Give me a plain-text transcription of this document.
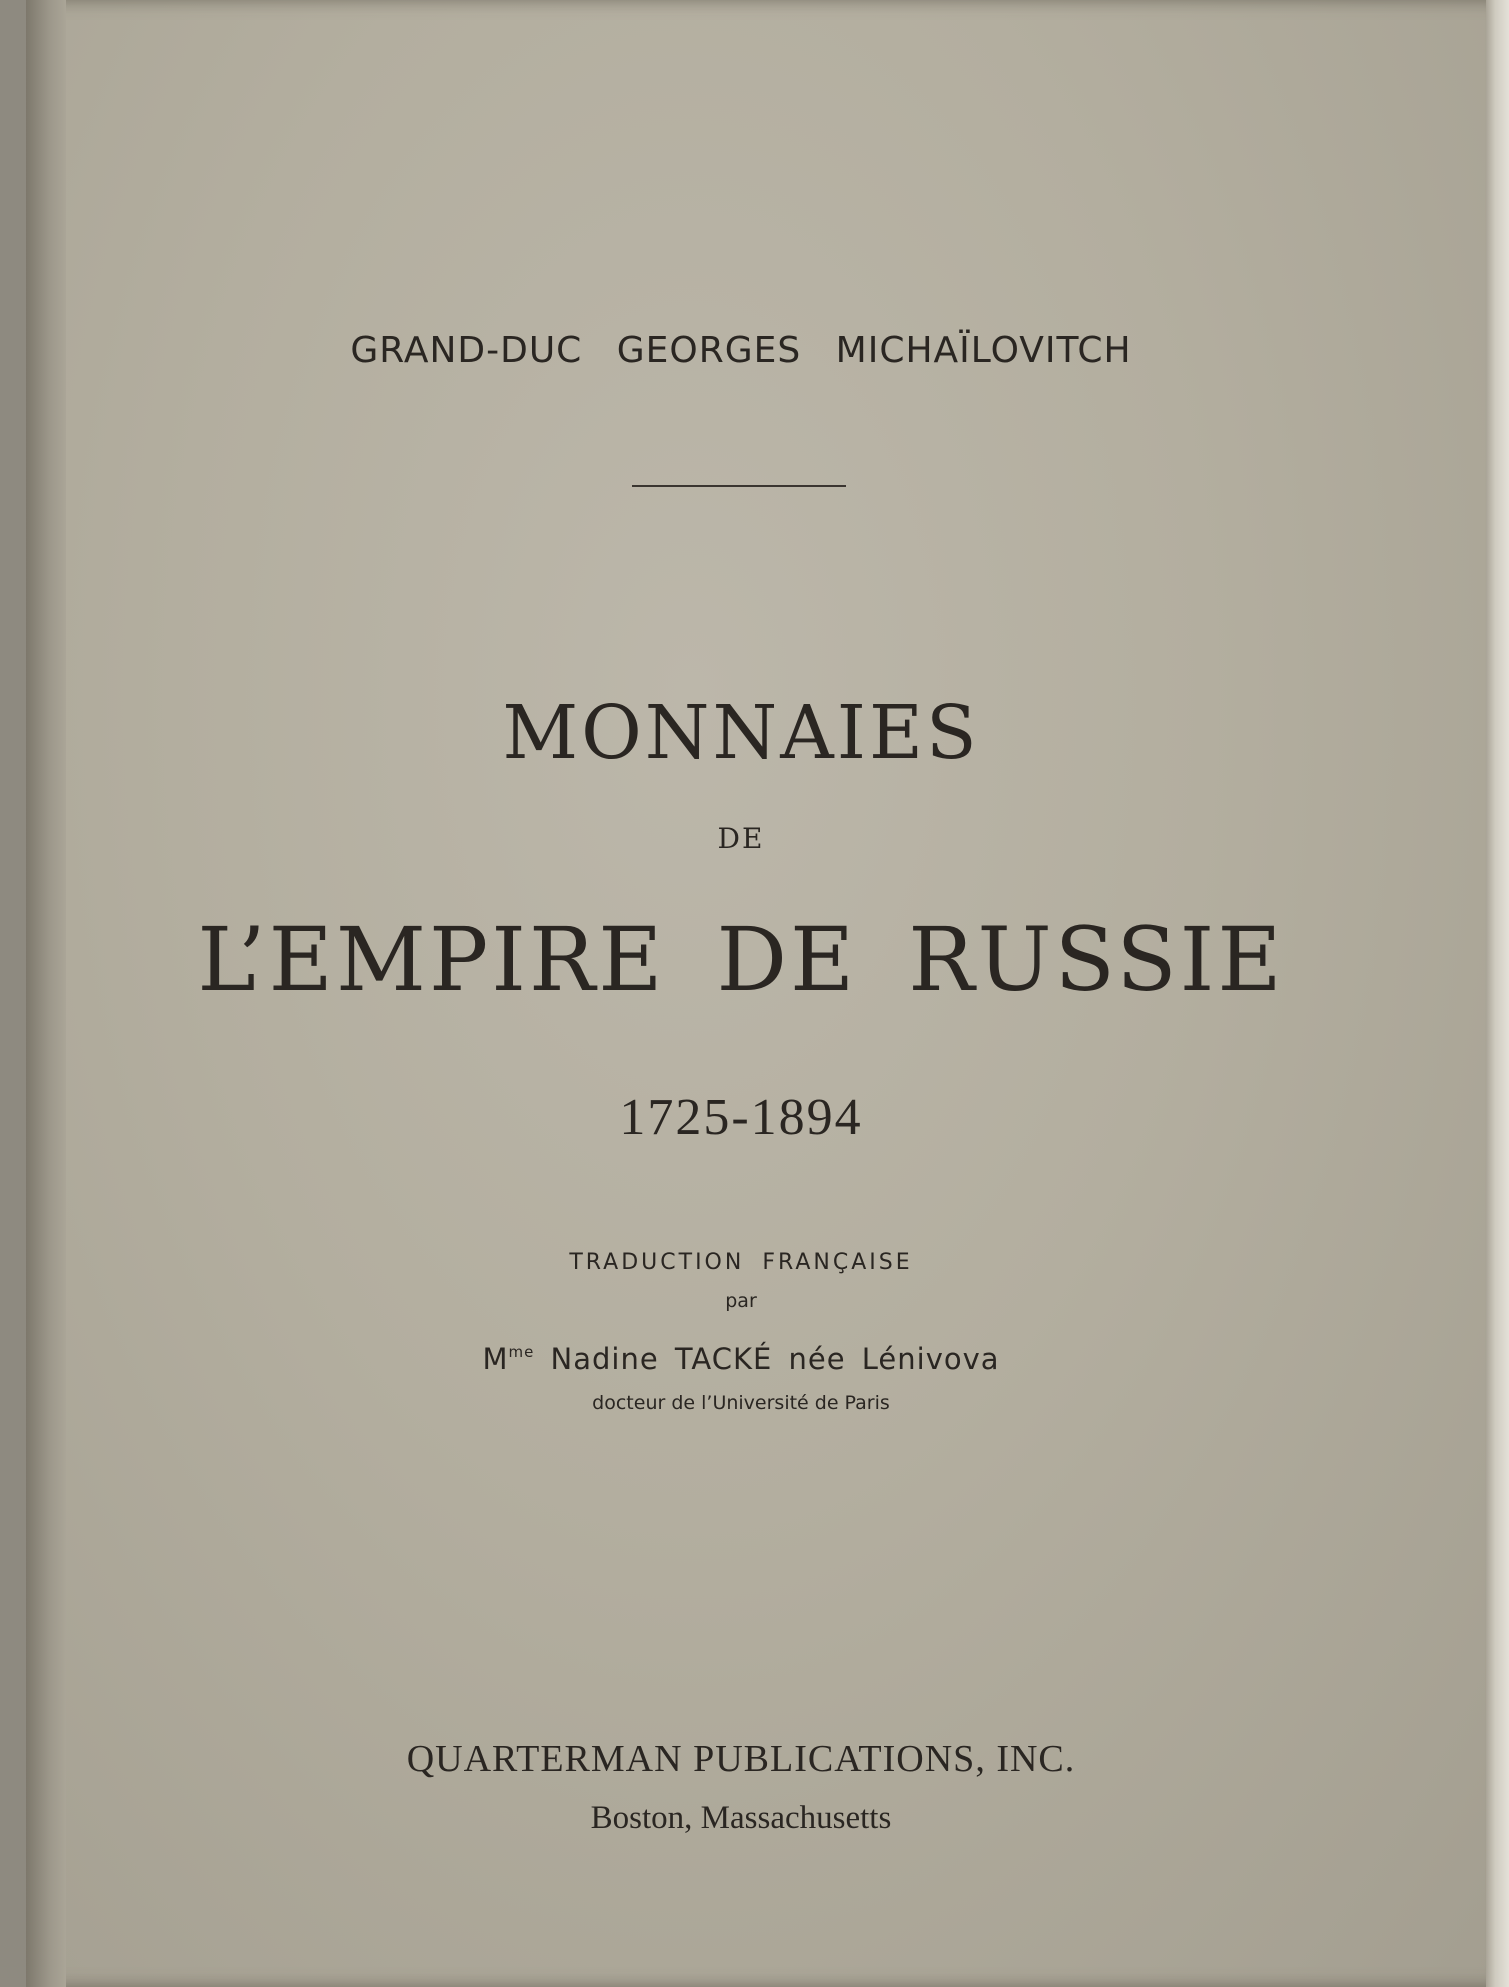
GRAND-DUC GEORGES MICHAÏLOVITCH
MONNAIES
DE
L’EMPIRE DE RUSSIE
1725-1894
TRADUCTION FRANÇAISE
par
$M^{me}$ Nadine TACKÉ née Lénivova
docteur de l’Université de Paris
QUARTERMAN PUBLICATIONS, INC.
Boston, Massachusetts
